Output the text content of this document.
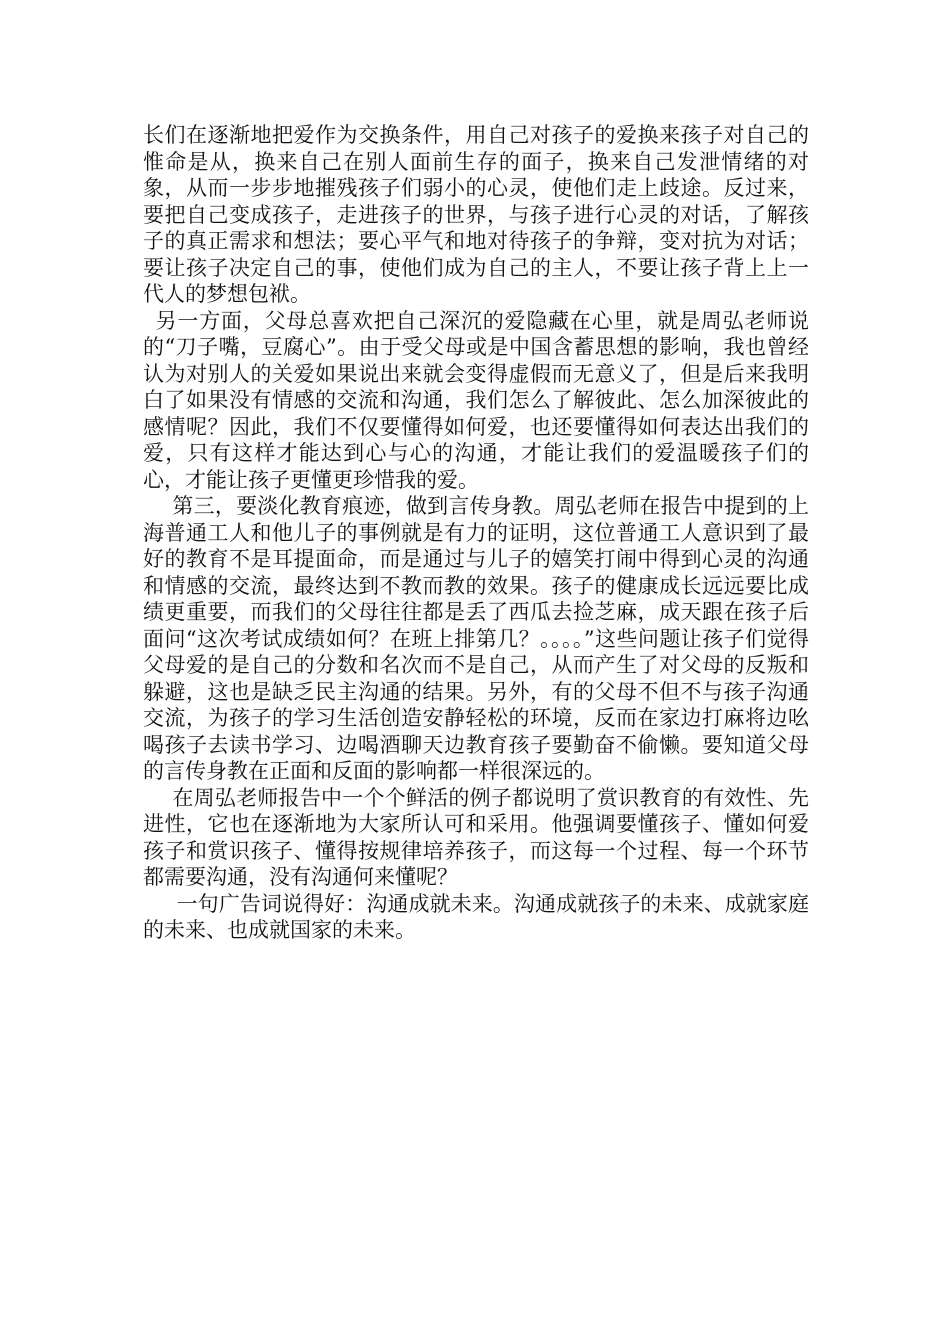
长们在逐渐地把爱作为交换条件，用自己对孩子的爱换来孩子对自己的惟命是从，换来自己在别人面前生存的面子，换来自己发泄情绪的对象，从而一步步地摧残孩子们弱小的心灵，使他们走上歧途。反过来，要把自己变成孩子，走进孩子的世界，与孩子进行心灵的对话，了解孩子的真正需求和想法；要心平气和地对待孩子的争辩，变对抗为对话；要让孩子决定自己的事，使他们成为自己的主人，不要让孩子背上上一代人的梦想包袱。

另一方面，父母总喜欢把自己深沉的爱隐藏在心里，就是周弘老师说的“刀子嘴，豆腐心”。由于受父母或是中国含蓄思想的影响，我也曾经认为对别人的关爱如果说出来就会变得虚假而无意义了，但是后来我明白了如果没有情感的交流和沟通，我们怎么了解彼此、怎么加深彼此的感情呢？因此，我们不仅要懂得如何爱，也还要懂得如何表达出我们的爱，只有这样才能达到心与心的沟通，才能让我们的爱温暖孩子们的心，才能让孩子更懂更珍惜我的爱。

第三，要淡化教育痕迹，做到言传身教。周弘老师在报告中提到的上海普通工人和他儿子的事例就是有力的证明，这位普通工人意识到了最好的教育不是耳提面命，而是通过与儿子的嬉笑打闹中得到心灵的沟通和情感的交流，最终达到不教而教的效果。孩子的健康成长远远要比成绩更重要，而我们的父母往往都是丢了西瓜去捡芝麻，成天跟在孩子后面问“这次考试成绩如何？在班上排第几？。。。。”这些问题让孩子们觉得父母爱的是自己的分数和名次而不是自己，从而产生了对父母的反叛和躲避，这也是缺乏民主沟通的结果。另外，有的父母不但不与孩子沟通交流，为孩子的学习生活创造安静轻松的环境，反而在家边打麻将边吆喝孩子去读书学习、边喝酒聊天边教育孩子要勤奋不偷懒。要知道父母的言传身教在正面和反面的影响都一样很深远的。

在周弘老师报告中一个个鲜活的例子都说明了赏识教育的有效性、先进性，它也在逐渐地为大家所认可和采用。他强调要懂孩子、懂如何爱孩子和赏识孩子、懂得按规律培养孩子，而这每一个过程、每一个环节都需要沟通，没有沟通何来懂呢？

一句广告词说得好：沟通成就未来。沟通成就孩子的未来、成就家庭的未来、也成就国家的未来。
